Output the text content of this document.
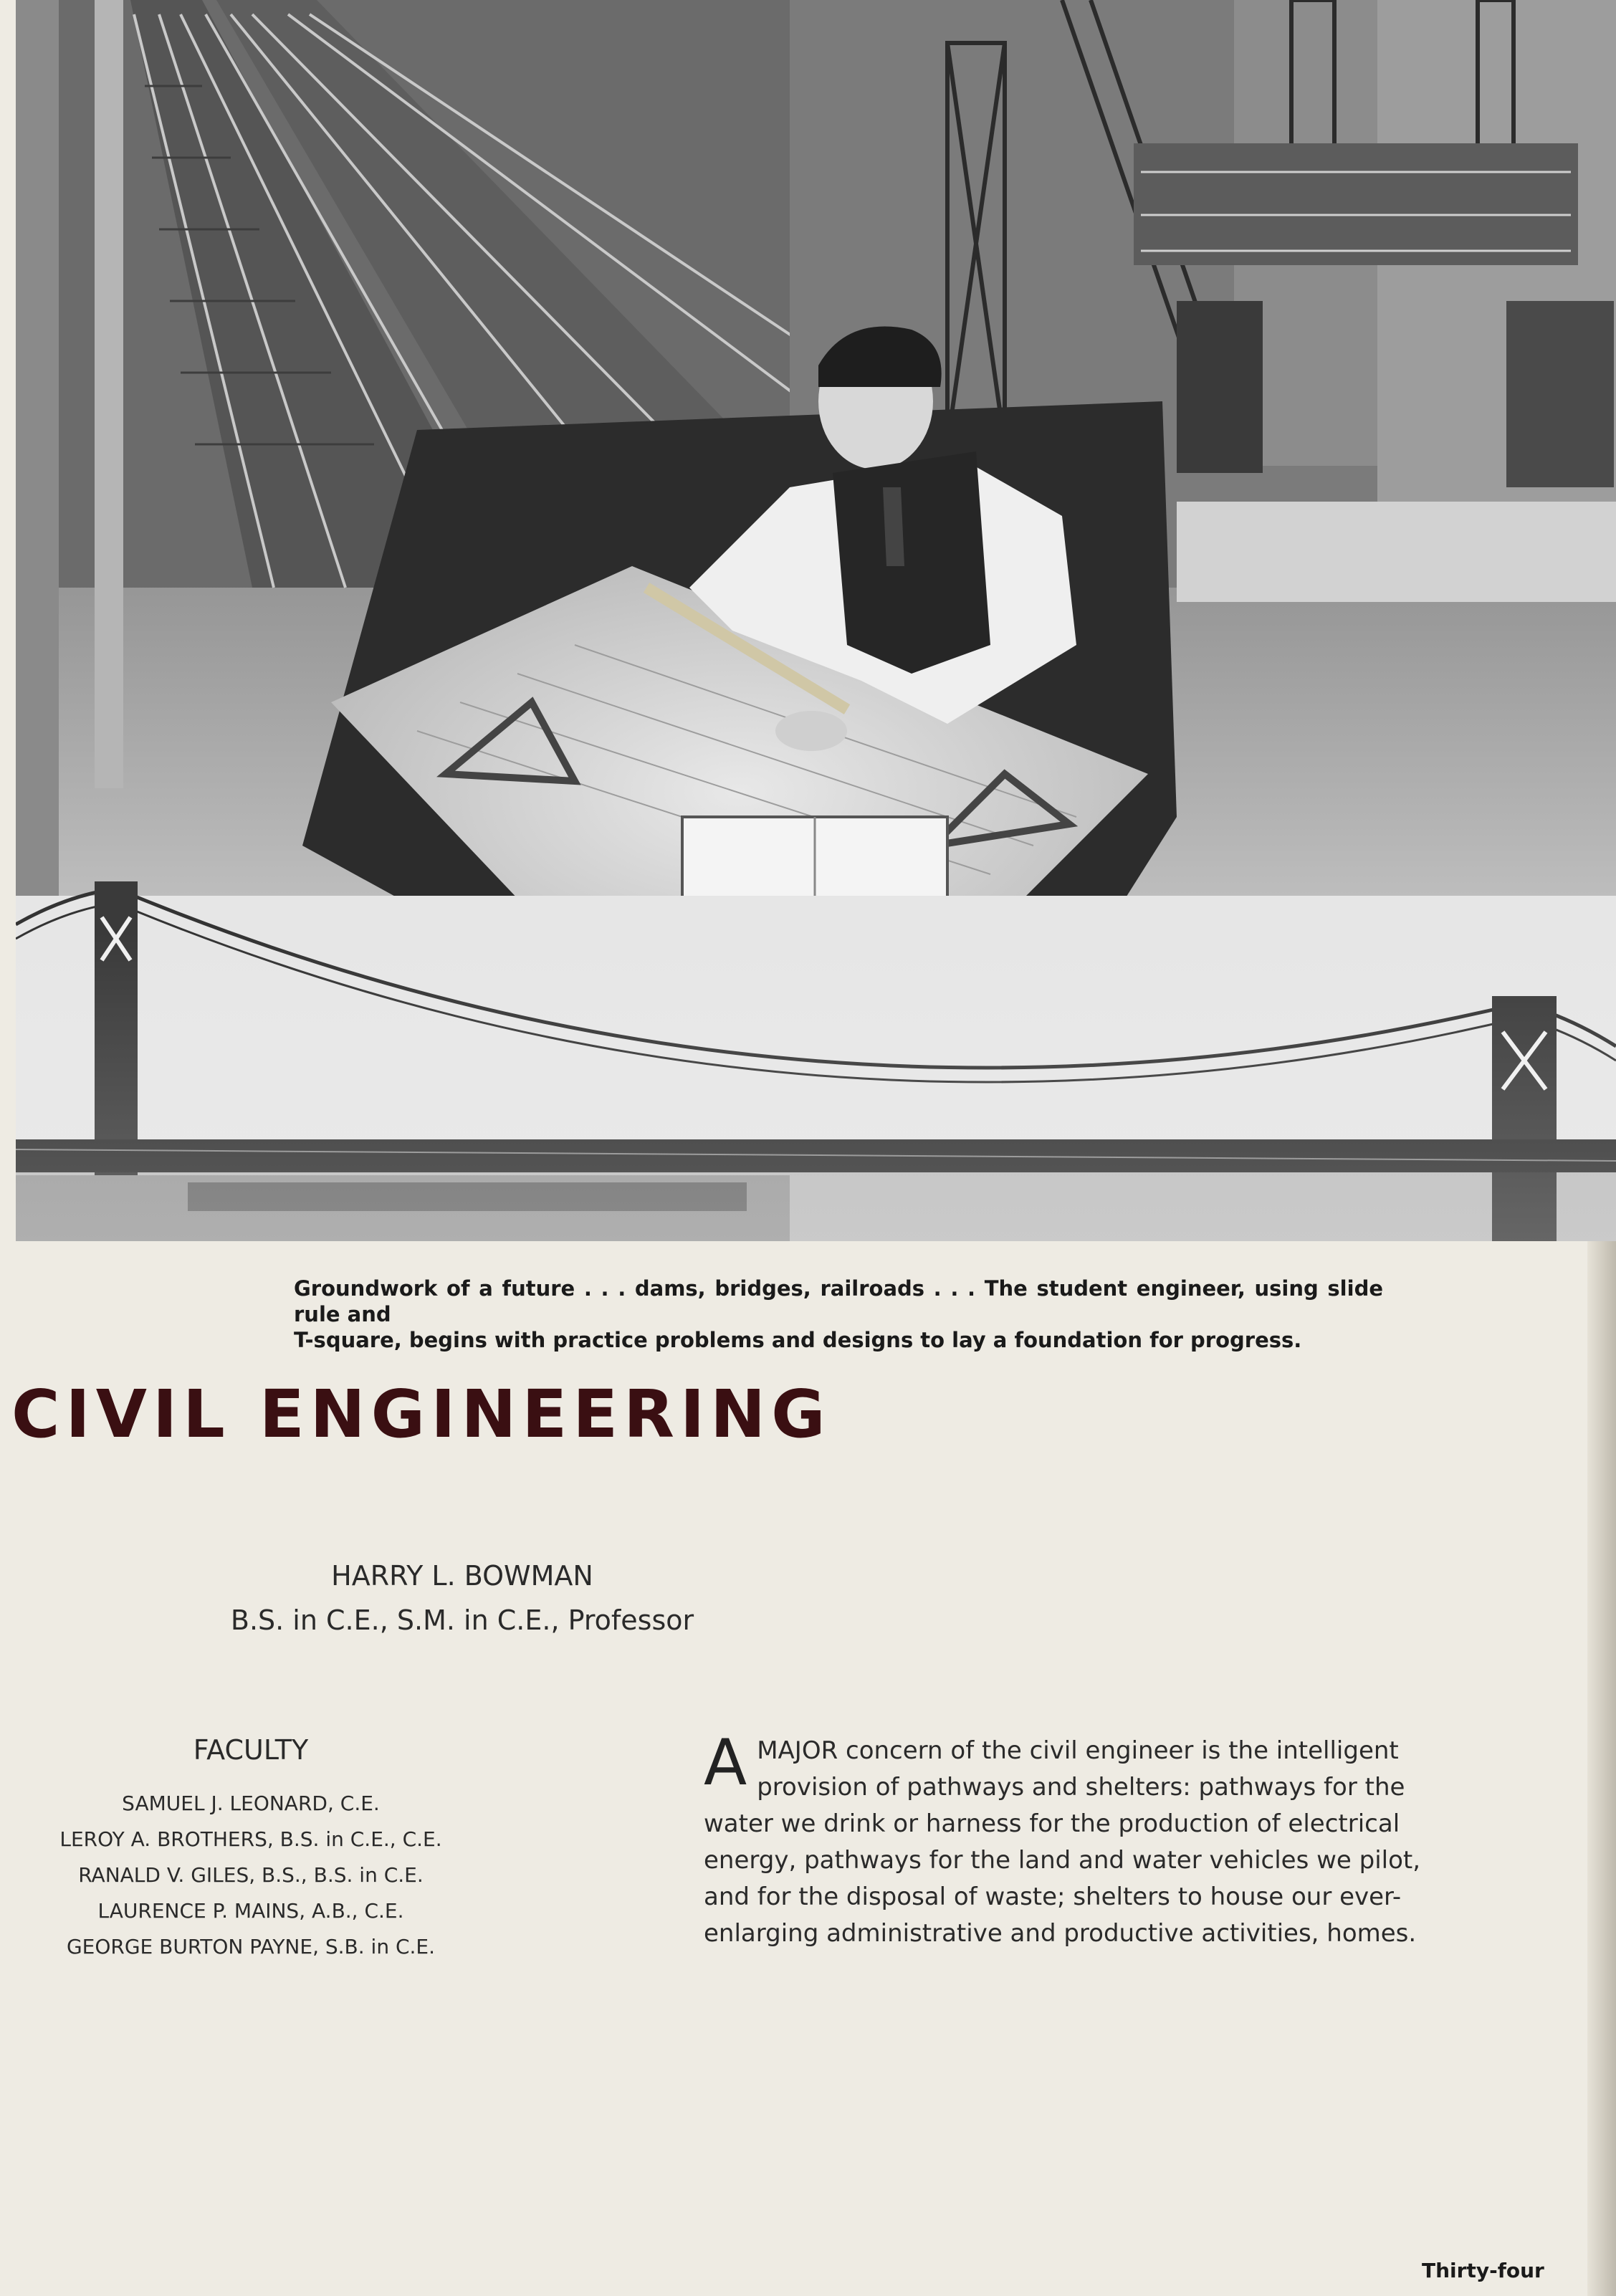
Groundwork of a future . . . dams, bridges, railroads . . . The student engineer, using slide rule and
T-square, begins with practice problems and designs to lay a foundation for progress.
CIVIL ENGINEERING
HARRY L. BOWMAN
B.S. in C.E., S.M. in C.E., Professor
FACULTY
SAMUEL J. LEONARD, C.E.
LEROY A. BROTHERS, B.S. in C.E., C.E.
RANALD V. GILES, B.S., B.S. in C.E.
LAURENCE P. MAINS, A.B., C.E.
GEORGE BURTON PAYNE, S.B. in C.E.
AMAJOR concern of the civil engineer is the intelligent provision of pathways and shelters: pathways for the water we drink or harness for the production of electrical energy, pathways for the land and water vehicles we pilot, and for the disposal of waste; shelters to house our ever-enlarging administrative and productive activities, homes.
Thirty-four
